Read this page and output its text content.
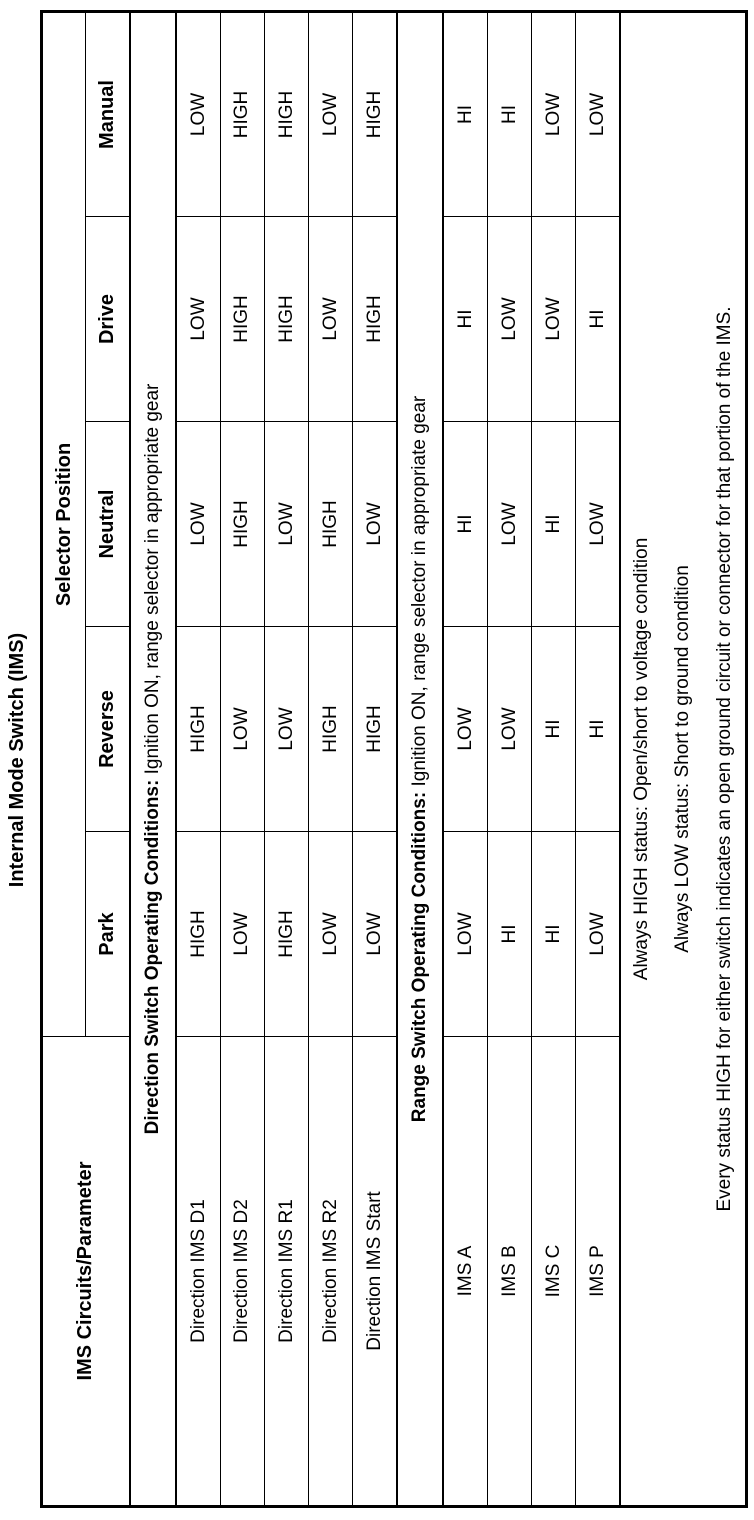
Internal Mode Switch (IMS)
IMS Circuits/Parameter	Selector Position				
	Park	Reverse	Neutral	Drive	Manual
Direction Switch Operating Conditions: Ignition ON, range selector in appropriate gear					
Direction IMS D1	HIGH	HIGH	LOW	LOW	LOW
Direction IMS D2	LOW	LOW	HIGH	HIGH	HIGH
Direction IMS R1	HIGH	LOW	LOW	HIGH	HIGH
Direction IMS R2	LOW	HIGH	HIGH	LOW	LOW
Direction IMS Start	LOW	HIGH	LOW	HIGH	HIGH
Range Switch Operating Conditions: Ignition ON, range selector in appropriate gear					
IMS A	LOW	LOW	HI	HI	HI
IMS B	HI	LOW	LOW	LOW	HI
IMS C	HI	HI	HI	LOW	LOW
IMS P	LOW	HI	LOW	HI	LOW
Always HIGH status: Open/short to voltage condition					
Always LOW status: Short to ground condition					
Every status HIGH for either switch indicates an open ground circuit or connector for that portion of the IMS.					
